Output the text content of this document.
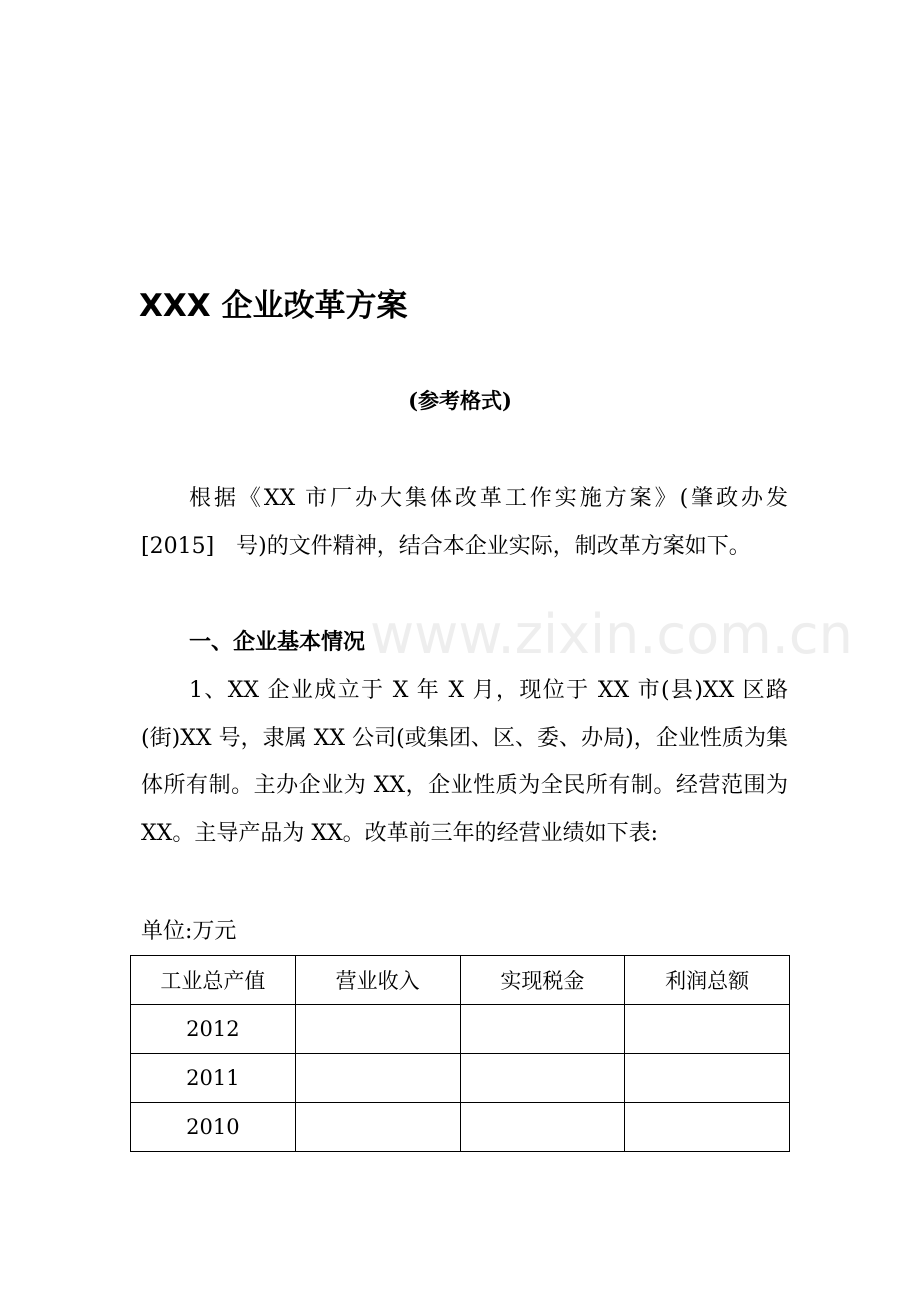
XXX 企业改革方案

(参考格式)

根据《XX 市厂办大集体改革工作实施方案》(肇政办发[2015]　号)的文件精神，结合本企业实际，制改革方案如下。

一、企业基本情况

1、XX 企业成立于 X 年 X 月，现位于 XX 市(县)XX 区路(街)XX 号，隶属 XX 公司(或集团、区、委、办局)，企业性质为集体所有制。主办企业为 XX，企业性质为全民所有制。经营范围为 XX。主导产品为 XX。改革前三年的经营业绩如下表:

单位:万元

工业总产值	营业收入	实现税金	利润总额
2012			
2011			
2010			
www.zixin.com.cn
